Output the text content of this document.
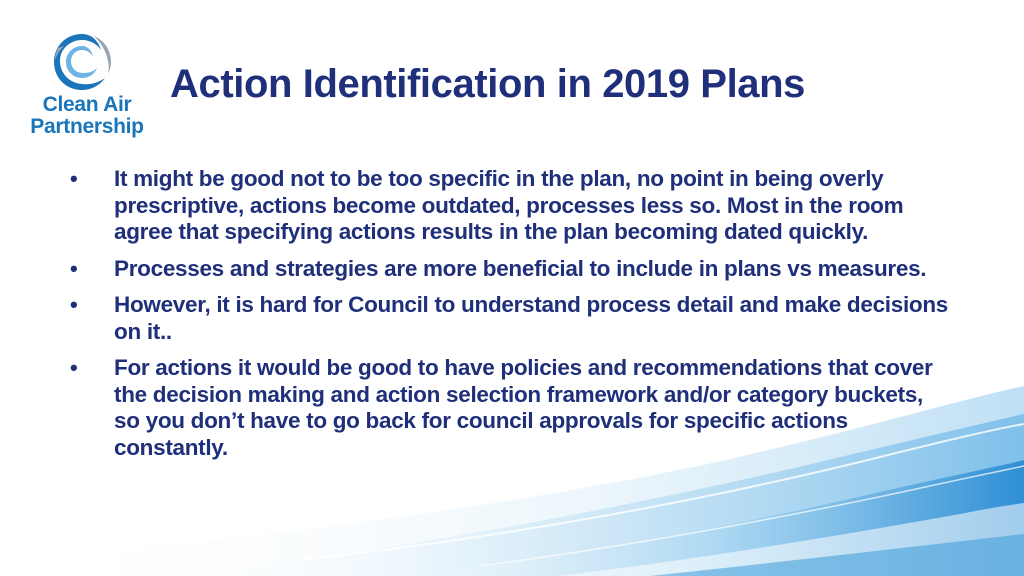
Clean Air
Partnership
Action Identification in 2019 Plans
•	It might be good not to be too specific in the plan, no point in being overly prescriptive, actions become outdated, processes less so. Most in the room agree that specifying actions results in the plan becoming dated quickly.
•	Processes and strategies are more beneficial to include in plans vs measures.
•	However, it is hard for Council to understand process detail and make decisions on it..
•	For actions it would be good to have policies and recommendations that cover the decision making and action selection framework and/or category buckets, so you don’t have to go back for council approvals for specific actions constantly.
